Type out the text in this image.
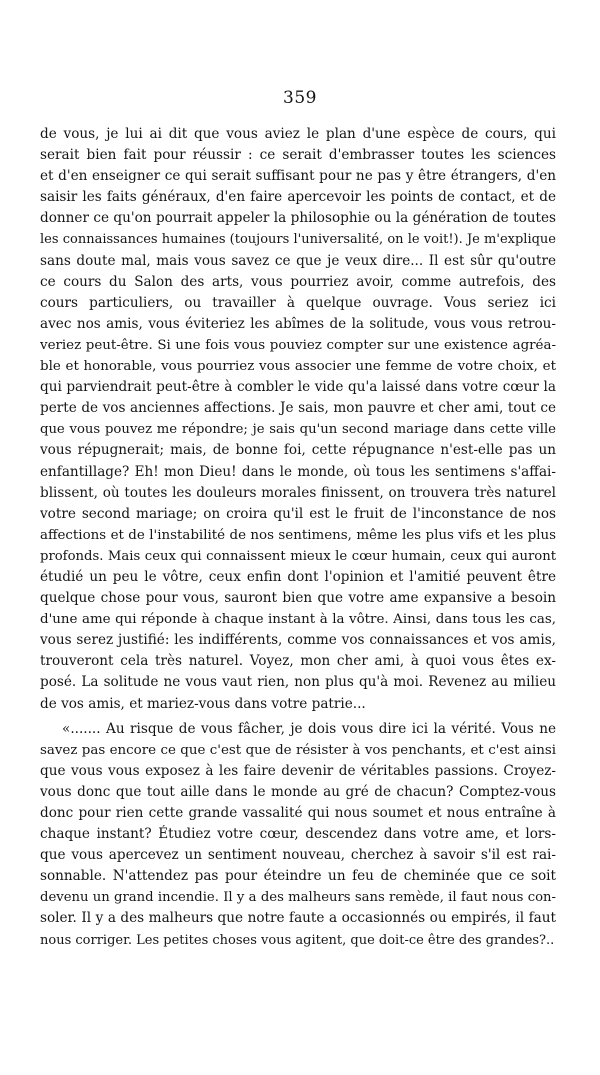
359
de vous, je lui ai dit que vous aviez le plan d'une espèce de cours, qui
serait bien fait pour réussir : ce serait d'embrasser toutes les sciences
et d'en enseigner ce qui serait suffisant pour ne pas y être étrangers, d'en
saisir les faits généraux, d'en faire apercevoir les points de contact, et de
donner ce qu'on pourrait appeler la philosophie ou la génération de toutes
les connaissances humaines (toujours l'universalité, on le voit!). Je m'explique
sans doute mal, mais vous savez ce que je veux dire... Il est sûr qu'outre
ce cours du Salon des arts, vous pourriez avoir, comme autrefois, des
cours particuliers, ou travailler à quelque ouvrage. Vous seriez ici
avec nos amis, vous éviteriez les abîmes de la solitude, vous vous retrou-
veriez peut-être. Si une fois vous pouviez compter sur une existence agréa-
ble et honorable, vous pourriez vous associer une femme de votre choix, et
qui parviendrait peut-être à combler le vide qu'a laissé dans votre cœur la
perte de vos anciennes affections. Je sais, mon pauvre et cher ami, tout ce
que vous pouvez me répondre; je sais qu'un second mariage dans cette ville
vous répugnerait; mais, de bonne foi, cette répugnance n'est-elle pas un
enfantillage? Eh! mon Dieu! dans le monde, où tous les sentimens s'affai-
blissent, où toutes les douleurs morales finissent, on trouvera très naturel
votre second mariage; on croira qu'il est le fruit de l'inconstance de nos
affections et de l'instabilité de nos sentimens, même les plus vifs et les plus
profonds. Mais ceux qui connaissent mieux le cœur humain, ceux qui auront
étudié un peu le vôtre, ceux enfin dont l'opinion et l'amitié peuvent être
quelque chose pour vous, sauront bien que votre ame expansive a besoin
d'une ame qui réponde à chaque instant à la vôtre. Ainsi, dans tous les cas,
vous serez justifié: les indifférents, comme vos connaissances et vos amis,
trouveront cela très naturel. Voyez, mon cher ami, à quoi vous êtes ex-
posé. La solitude ne vous vaut rien, non plus qu'à moi. Revenez au milieu
de vos amis, et mariez-vous dans votre patrie...
«....... Au risque de vous fâcher, je dois vous dire ici la vérité. Vous ne
savez pas encore ce que c'est que de résister à vos penchants, et c'est ainsi
que vous vous exposez à les faire devenir de véritables passions. Croyez-
vous donc que tout aille dans le monde au gré de chacun? Comptez-vous
donc pour rien cette grande vassalité qui nous soumet et nous entraîne à
chaque instant? Étudiez votre cœur, descendez dans votre ame, et lors-
que vous apercevez un sentiment nouveau, cherchez à savoir s'il est rai-
sonnable. N'attendez pas pour éteindre un feu de cheminée que ce soit
devenu un grand incendie. Il y a des malheurs sans remède, il faut nous con-
soler. Il y a des malheurs que notre faute a occasionnés ou empirés, il faut
nous corriger. Les petites choses vous agitent, que doit-ce être des grandes?..
